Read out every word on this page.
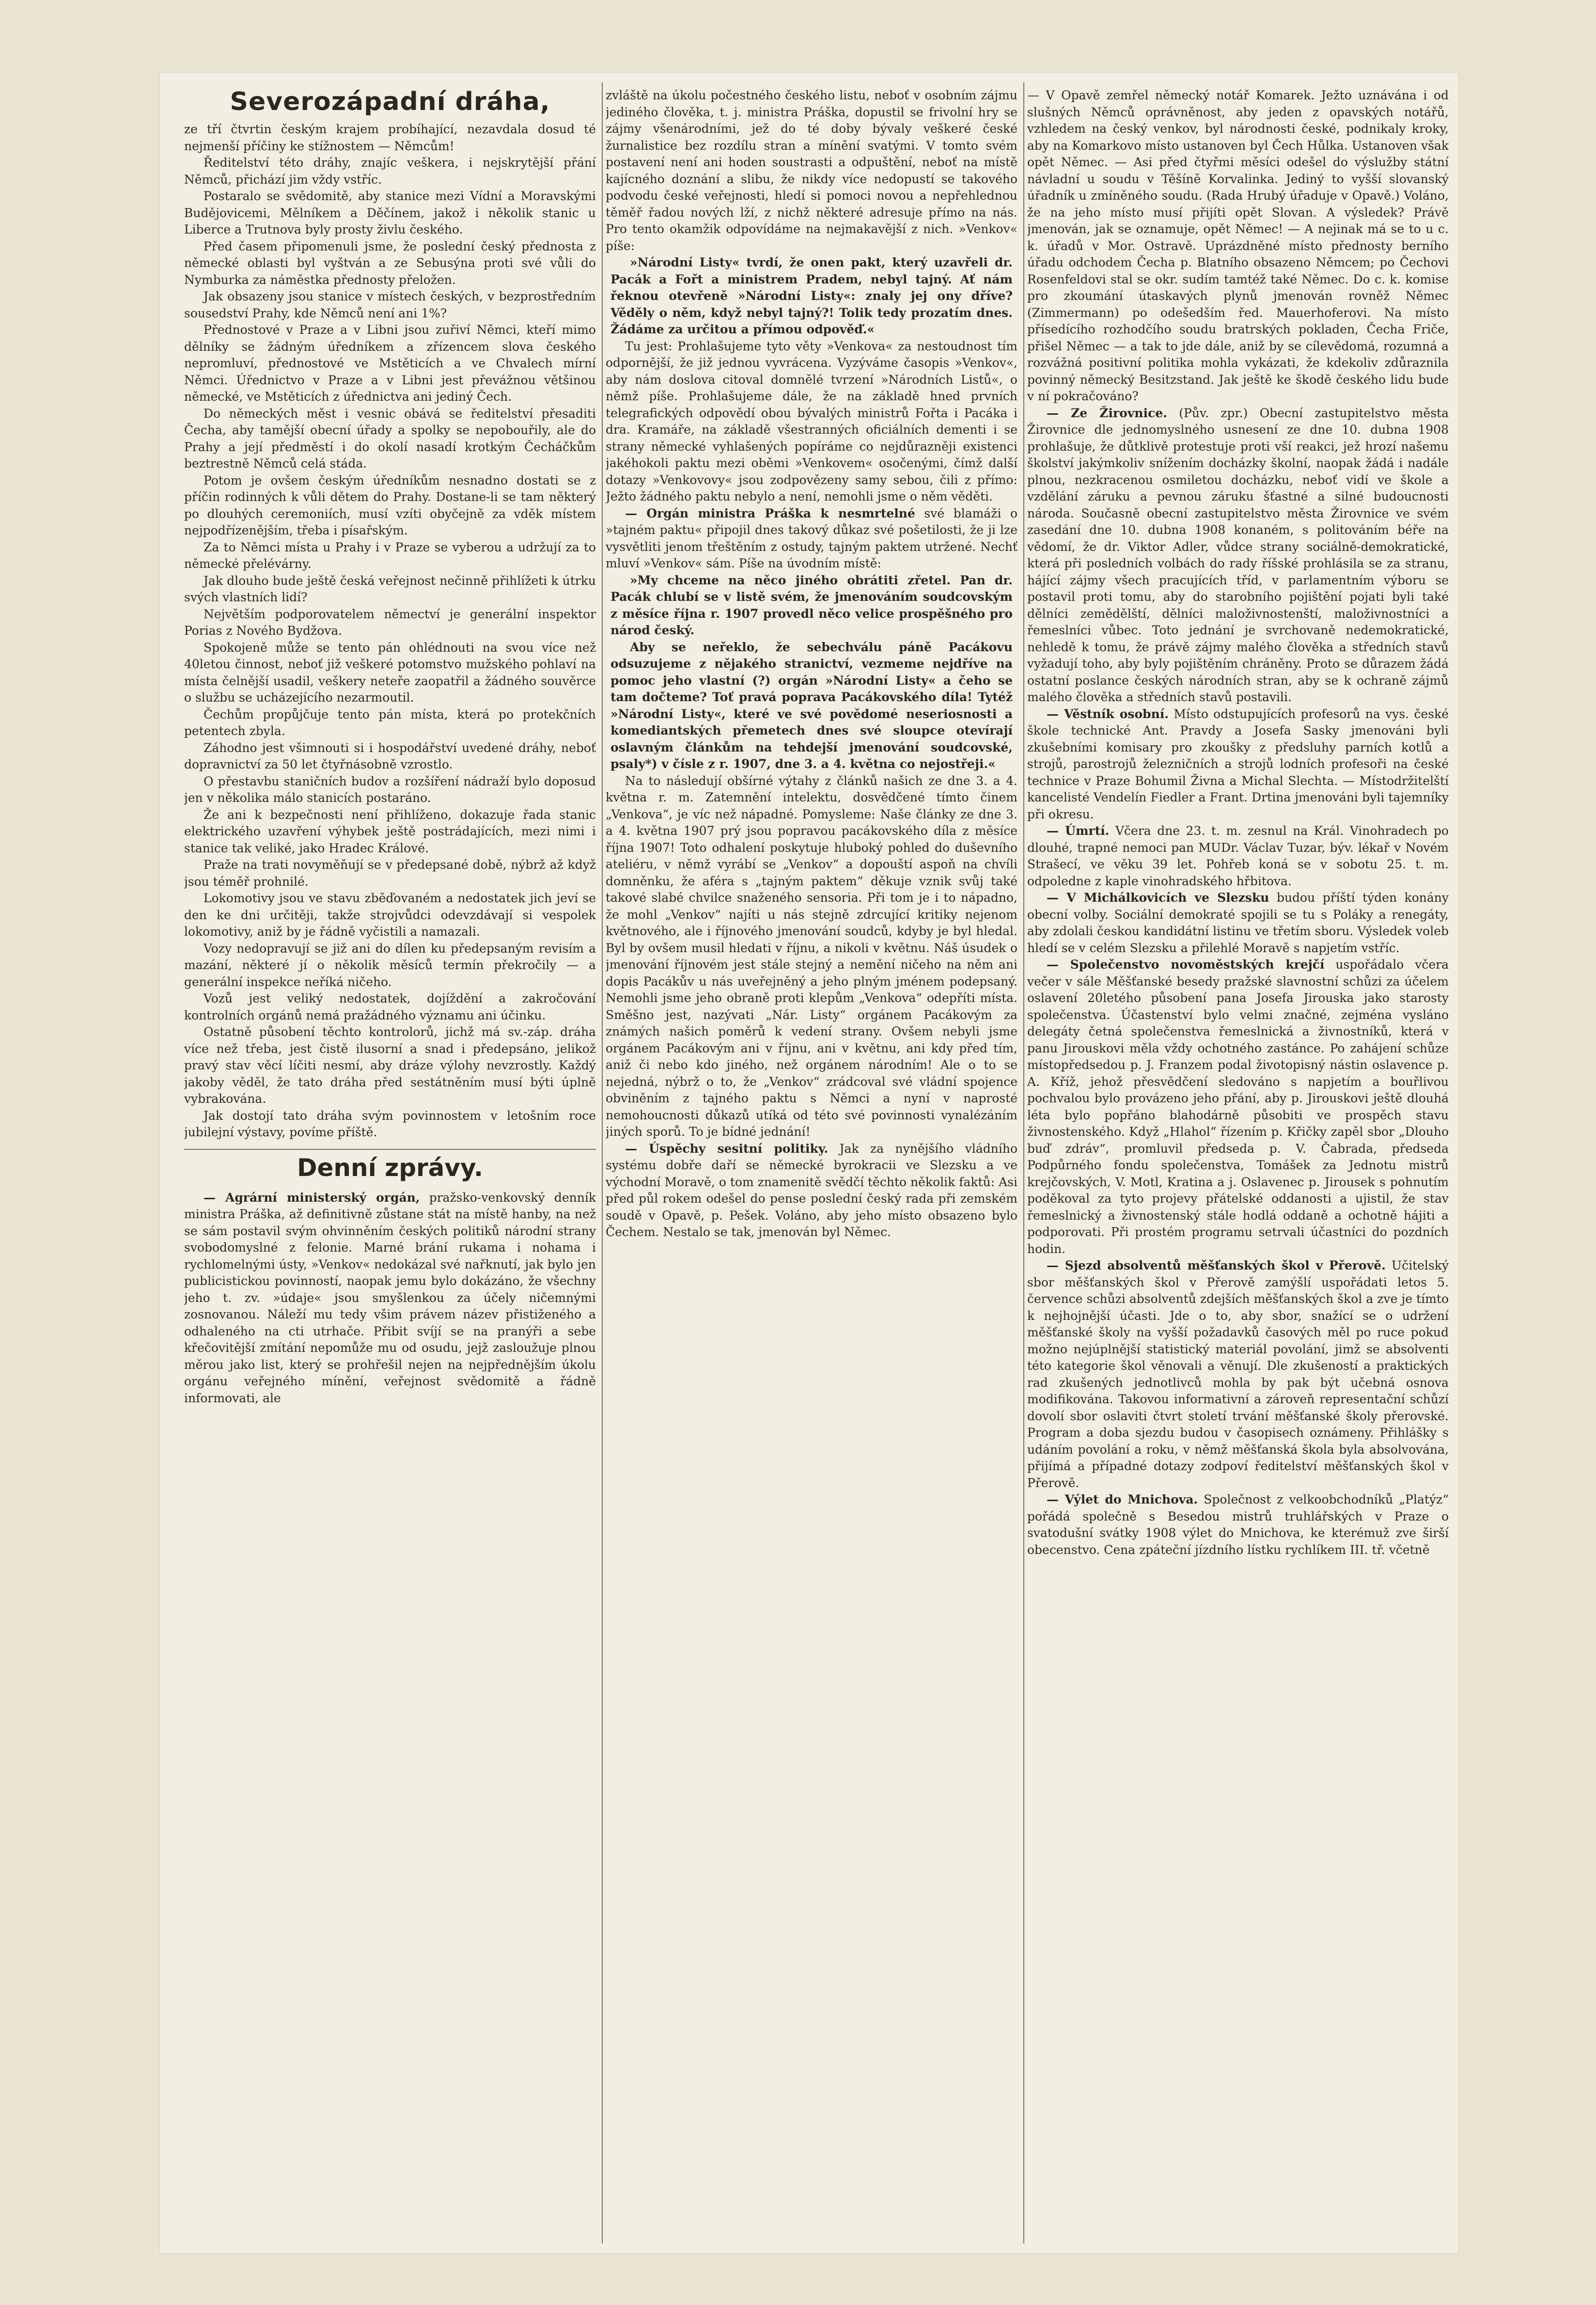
Severozápadní dráha,

ze tří čtvrtin českým krajem probíhající, nezavdala dosud té nejmenší příčiny ke stížnostem — Němcům!

Ředitelství této dráhy, znajíc veškera, i nejskrytější přání Němců, přichází jim vždy vstříc.

Postaralo se svědomitě, aby stanice mezi Vídní a Moravskými Budějovicemi, Mělníkem a Děčínem, jakož i několik stanic u Liberce a Trutnova byly prosty živlu českého.

Před časem připomenuli jsme, že poslední český přednosta z německé oblasti byl vyštván a ze Sebusýna proti své vůli do Nymburka za náměstka přednosty přeložen.

Jak obsazeny jsou stanice v místech českých, v bezprostředním sousedství Prahy, kde Němců není ani 1%?

Přednostové v Praze a v Libni jsou zuřiví Němci, kteří mimo dělníky se žádným úředníkem a zřízencem slova českého nepromluví, přednostové ve Mstěticích a ve Chvalech mírní Němci. Úřednictvo v Praze a v Libni jest převážnou většinou německé, ve Mstěticích z úřednictva ani jediný Čech.

Do německých měst i vesnic obává se ředitelství přesaditi Čecha, aby tamější obecní úřady a spolky se nepobouřily, ale do Prahy a její předměstí i do okolí nasadí krotkým Čecháčkům beztrestně Němců celá stáda.

Potom je ovšem českým úředníkům nesnadno dostati se z příčin rodinných k vůli dětem do Prahy. Dostane-li se tam některý po dlouhých ceremoniích, musí vzíti obyčejně za vděk místem nejpodřízenějším, třeba i písařským.

Za to Němci místa u Prahy i v Praze se vyberou a udržují za to německé přelévárny.

Jak dlouho bude ještě česká veřejnost nečinně přihlížeti k útrku svých vlastních lidí?

Největším podporovatelem němectví je generální inspektor Porias z Nového Bydžova.

Spokojeně může se tento pán ohlédnouti na svou více než 40letou činnost, neboť již veškeré potomstvo mužského pohlaví na místa čelnější usadil, veškery neteře zaopatřil a žádného souvěrce o službu se ucházejícího nezarmoutil.

Čechům propůjčuje tento pán místa, která po protekčních petentech zbyla.

Záhodno jest všimnouti si i hospodářství uvedené dráhy, neboť dopravnictví za 50 let čtyřnásobně vzrostlo.

O přestavbu staničních budov a rozšíření nádraží bylo doposud jen v několika málo stanicích postaráno.

Že ani k bezpečnosti není přihlíženo, dokazuje řada stanic elektrického uzavření výhybek ještě postrádajících, mezi nimi i stanice tak veliké, jako Hradec Králové.

Praže na trati novyměňují se v předepsané době, nýbrž až když jsou téměř prohnilé.

Lokomotivy jsou ve stavu zběďovaném a nedostatek jich jeví se den ke dni určitěji, takže strojvůdci odevzdávají si vespolek lokomotivy, aniž by je řádně vyčistili a namazali.

Vozy nedopravují se již ani do dílen ku předepsaným revisím a mazání, některé jí o několik měsíců termín překročily — a generální inspekce neříká ničeho.

Vozů jest veliký nedostatek, dojíždění a zakročování kontrolních orgánů nemá pražádného významu ani účinku.

Ostatně působení těchto kontrolorů, jichž má sv.-záp. dráha více než třeba, jest čistě ilusorní a snad i předepsáno, jelikož pravý stav věcí líčiti nesmí, aby dráze výlohy nevzrostly. Každý jakoby věděl, že tato dráha před sestátněním musí býti úplně vybrakována.

Jak dostojí tato dráha svým povinnostem v letošním roce jubilejní výstavy, povíme příště.

Denní zprávy.

— Agrární ministerský orgán, pražsko-venkovský denník ministra Práška, až definitivně zůstane stát na místě hanby, na než se sám postavil svým ohvinněním českých politiků národní strany svobodomyslné z felonie. Marné brání rukama i nohama i rychlomelnými ústy, »Venkov« nedokázal své nařknutí, jak bylo jen publicistickou povinností, naopak jemu bylo dokázáno, že všechny jeho t. zv. »údaje« jsou smyšlenkou za účely ničemnými zosnovanou. Náleží mu tedy všim právem název přistiženého a odhaleného na cti utrhače. Přibit svíjí se na pranýři a sebe křečovitější zmítání nepomůže mu od osudu, jejž zasloužuje plnou měrou jako list, který se prohřešil nejen na nejpřednějším úkolu orgánu veřejného mínění, veřejnost svědomitě a řádně informovati, ale

zvláště na úkolu počestného českého listu, neboť v osobním zájmu jediného člověka, t. j. ministra Práška, dopustil se frivolní hry se zájmy všenárodními, jež do té doby bývaly veškeré české žurnalistice bez rozdílu stran a mínění svatými. V tomto svém postavení není ani hoden soustrasti a odpuštění, neboť na místě kajícného doznání a slibu, že nikdy více nedopustí se takového podvodu české veřejnosti, hledí si pomoci novou a nepřehlednou těměř řadou nových lží, z nichž některé adresuje přímo na nás. Pro tento okamžik odpovídáme na nejmakavější z nich. »Venkov« píše:

»Národní Listy« tvrdí, že onen pakt, který uzavřeli dr. Pacák a Fořt a ministrem Pradem, nebyl tajný. Ať nám řeknou otevřeně »Národní Listy«: znaly jej ony dříve? Věděly o něm, když nebyl tajný?! Tolik tedy prozatím dnes. Žádáme za určitou a přímou odpověď.«

Tu jest: Prohlašujeme tyto věty »Venkova« za nestoudnost tím odpornější, že již jednou vyvrácena. Vyzýváme časopis »Venkov«, aby nám doslova citoval domnělé tvrzení »Národních Listů«, o němž píše. Prohlašujeme dále, že na základě hned prvních telegrafických odpovědí obou bývalých ministrů Fořta i Pacáka i dra. Kramáře, na základě všestranných oficiálních dementi i se strany německé vyhlašených popíráme co nejdůrazněji existenci jakéhokoli paktu mezi oběmi »Venkovem« osočenými, čímž další dotazy »Venkovovy« jsou zodpovězeny samy sebou, čili z přímo: Ježto žádného paktu nebylo a není, nemohli jsme o něm věděti.

— Orgán ministra Práška k nesmrtelné své blamáži o »tajném paktu« připojil dnes takový důkaz své pošetilosti, že ji lze vysvětliti jenom třeštěním z ostudy, tajným paktem utržené. Nechť mluví »Venkov« sám. Píše na úvodním místě:

»My chceme na něco jiného obrátiti zřetel. Pan dr. Pacák chlubí se v listě svém, že jmenováním soudcovským z měsíce října r. 1907 provedl něco velice prospěšného pro národ český.

Aby se neřeklo, že sebechválu páně Pacákovu odsuzujeme z nějakého stranictví, vezmeme nejdříve na pomoc jeho vlastní (?) orgán »Národní Listy« a čeho se tam dočteme? Toť pravá popravа Pacákovského díla! Tytéž »Národní Listy«, které ve své povědomé neseriosnosti a komediantských přemetech dnes své sloupce otevírají oslavným článkům na tehdejší jmenování soudcovské, psaly*) v čísle z r. 1907, dne 3. a 4. května co nejostřeji.«

Na to následují obšírné výtahy z článků našich ze dne 3. a 4. května r. m. Zatemnění intelektu, dosvědčené tímto činem „Venkova“, je víc než nápadné. Pomysleme: Naše články ze dne 3. a 4. května 1907 prý jsou popravou pacákovského díla z měsíce října 1907! Toto odhalení poskytuje hluboký pohled do duševního ateliéru, v němž vyrábí se „Venkov“ a dopouští aspoň na chvíli domněnku, že aféra s „tajným paktem“ děkuje vznik svůj také takové slabé chvilce snaženého sensoria. Při tom je i to nápadno, že mohl „Venkov“ najíti u nás stejně zdrcující kritiky nejenom květnového, ale i říjnového jmenování soudců, kdyby je byl hledal. Byl by ovšem musil hledati v říjnu, a nikoli v květnu. Náš úsudek o jmenování říjnovém jest stále stejný a nemění ničeho na něm ani dopis Pacákův u nás uveřejněný a jeho plným jménem podepsaný. Nemohli jsme jeho obraně proti klepům „Venkova“ odepříti místa. Směšno jest, nazývati „Nár. Listy“ orgánem Pacákovým za známých našich poměrů k vedení strany. Ovšem nebyli jsme orgánem Pacákovým ani v říjnu, ani v květnu, ani kdy před tím, aniž či nebo kdo jiného, než orgánem národním! Ale o to se nejedná, nýbrž o to, že „Venkov“ zrádcoval své vládní spojence obviněním z tajného paktu s Němci a nyní v naprosté nemohoucnosti důkazů utíká od této své povinnosti vynalézáním jiných sporů. To je bídné jednání!

— Úspěchy sesitní politiky. Jak za nynějšího vládního systému dobře daří se německé byrokracii ve Slezsku a ve východní Moravě, o tom znamenitě svědčí těchto několik faktů: Asi před půl rokem odešel do pense poslední český rada při zemském soudě v Opavě, p. Pešek. Voláno, aby jeho místo obsazeno bylo Čechem. Nestalo se tak, jmenován byl Němec.

— V Opavě zemřel německý notář Komarek. Ježto uznávána i od slušných Němců oprávněnost, aby jeden z opavských notářů, vzhledem na český venkov, byl národnosti české, podnikaly kroky, aby na Komarkovo místo ustanoven byl Čech Hůlka. Ustanoven však opět Němec. — Asi před čtyřmi měsíci odešel do výslužby státní návladní u soudu v Těšíně Korvalinka. Jediný to vyšší slovanský úřadník u zmíněného soudu. (Rada Hrubý úřaduje v Opavě.) Voláno, že na jeho místo musí přijíti opět Slovan. A výsledek? Právě jmenován, jak se oznamuje, opět Němec! — A nejinak má se to u c. k. úřadů v Mor. Ostravě. Uprázdněné místo přednosty berního úřadu odchodem Čecha p. Blatního obsazeno Němcem; po Čechovi Rosenfeldovi stal se okr. sudím tamtéž také Němec. Do c. k. komise pro zkoumání útaskavých plynů jmenován rovněž Němec (Zimmermann) po odešedším řed. Mauerhoferovi. Na místo přísedícího rozhodčího soudu bratrských pokladen, Čecha Friče, přišel Němec — a tak to jde dále, aniž by se cílevědomá, rozumná a rozvážná positivní politika mohla vykázati, že kdekoliv zdůraznila povinný německý Besitzstand. Jak ještě ke škodě českého lidu bude v ní pokračováno?

— Ze Žirovnice. (Pův. zpr.) Obecní zastupitelstvo města Žirovnice dle jednomyslného usnesení ze dne 10. dubna 1908 prohlašuje, že důtklivě protestuje proti vší reakci, jež hrozí našemu školství jakýmkoliv snížením docházky školní, naopak žádá i nadále plnou, nezkracenou osmiletou docházku, neboť vidí ve škole a vzdělání záruku a pevnou záruku šťastné a silné budoucnosti národa. Současně obecní zastupitelstvo města Žirovnice ve svém zasedání dne 10. dubna 1908 konaném, s politováním béře na vědomí, že dr. Viktor Adler, vůdce strany sociálně-demokratické, která při posledních volbách do rady říšské prohlásila se za stranu, hájící zájmy všech pracujících tříd, v parlamentním výboru se postavil proti tomu, aby do starobního pojištění pojati byli také dělníci zemědělští, dělníci maloživnostenští, maloživnostníci a řemeslníci vůbec. Toto jednání je svrchovaně nedemokratické, nehledě k tomu, že právě zájmy malého člověka a středních stavů vyžadují toho, aby byly pojištěním chráněny. Proto se důrazem žádá ostatní poslance českých národních stran, aby se k ochraně zájmů malého člověka a středních stavů postavili.

— Věstník osobní. Místo odstupujících profesorů na vys. české škole technické Ant. Pravdy a Josefa Sasky jmenováni byli zkušebními komisary pro zkoušky z předsluhy parních kotlů a strojů, parostrojů železničních a strojů lodních profesoři na české technice v Praze Bohumil Živna a Michal Slechta. — Místodržitelští kancelisté Vendelín Fiedler a Frant. Drtina jmenováni byli tajemníky při okresu.

— Úmrtí. Včera dne 23. t. m. zesnul na Král. Vinohradech po dlouhé, trapné nemoci pan MUDr. Václav Tuzar, býv. lékař v Novém Strašecí, ve věku 39 let. Pohřeb koná se v sobotu 25. t. m. odpoledne z kaple vinohradského hřbitova.

— V Michálkovicích ve Slezsku budou příští týden konány obecní volby. Sociální demokraté spojili se tu s Poláky a renegáty, aby zdolali českou kandidátní listinu ve třetím sboru. Výsledek voleb hledí se v celém Slezsku a přilehlé Moravě s napjetím vstříc.

— Společenstvo novoměstských krejčí uspořádalo včera večer v sále Měšťanské besedy pražské slavnostní schůzi za účelem oslavení 20letého působení pana Josefa Jirouska jako starosty společenstva. Účastenství bylo velmi značné, zejména vysláno delegáty četná společenstva řemeslnická a živnostníků, která v panu Jirouskovi měla vždy ochotného zastánce. Po zahájení schůze místopředsedou p. J. Franzem podal životopisný nástin oslavence p. A. Kříž, jehož přesvědčení sledováno s napjetím a bouřlivou pochvalou bylo provázeno jeho přání, aby p. Jirouskovi ještě dlouhá léta bylo popřáno blahodárně působiti ve prospěch stavu živnostenského. Když „Hlahol“ řízením p. Křičky zapěl sbor „Dlouho buď zdráv“, promluvil předseda p. V. Čabrada, předseda Podpůrného fondu společenstva, Tomášek za Jednotu mistrů krejčovských, V. Motl, Kratina a j. Oslavenec p. Jirousek s pohnutím poděkoval za tyto projevy přátelské oddanosti a ujistil, že stav řemeslnický a živnostenský stále hodlá oddaně a ochotně hájiti a podporovati. Při prostém programu setrvali účastníci do pozdních hodin.

— Sjezd absolventů měšťanských škol v Přerově. Učitelský sbor měšťanských škol v Přerově zamýšlí uspořádati letos 5. července schůzi absolventů zdejších měšťanských škol a zve je tímto k nejhojnější účasti. Jde o to, aby sbor, snažící se o udržení měšťanské školy na vyšší požadavků časových měl po ruce pokud možno nejúplnější statistický materiál povolání, jimž se absolventi této kategorie škol věnovali a věnují. Dle zkušeností a praktických rad zkušených jednotlivců mohla by pak být učebná osnova modifikována. Takovou informativní a zároveň representační schůzí dovolí sbor oslaviti čtvrt století trvání měšťanské školy přerovské. Program a doba sjezdu budou v časopisech oznámeny. Přihlášky s udáním povolání a roku, v němž měšťanská škola byla absolvována, přijímá a případné dotazy zodpoví ředitelství měšťanských škol v Přerově.

— Výlet do Mnichova. Společnost z velkoobchodníků „Platýz“ pořádá společně s Besedou mistrů truhlářských v Praze o svatodušní svátky 1908 výlet do Mnichova, ke kterémuž zve širší obecenstvo. Cena zpáteční jízdního lístku rychlíkem III. tř. včetně
